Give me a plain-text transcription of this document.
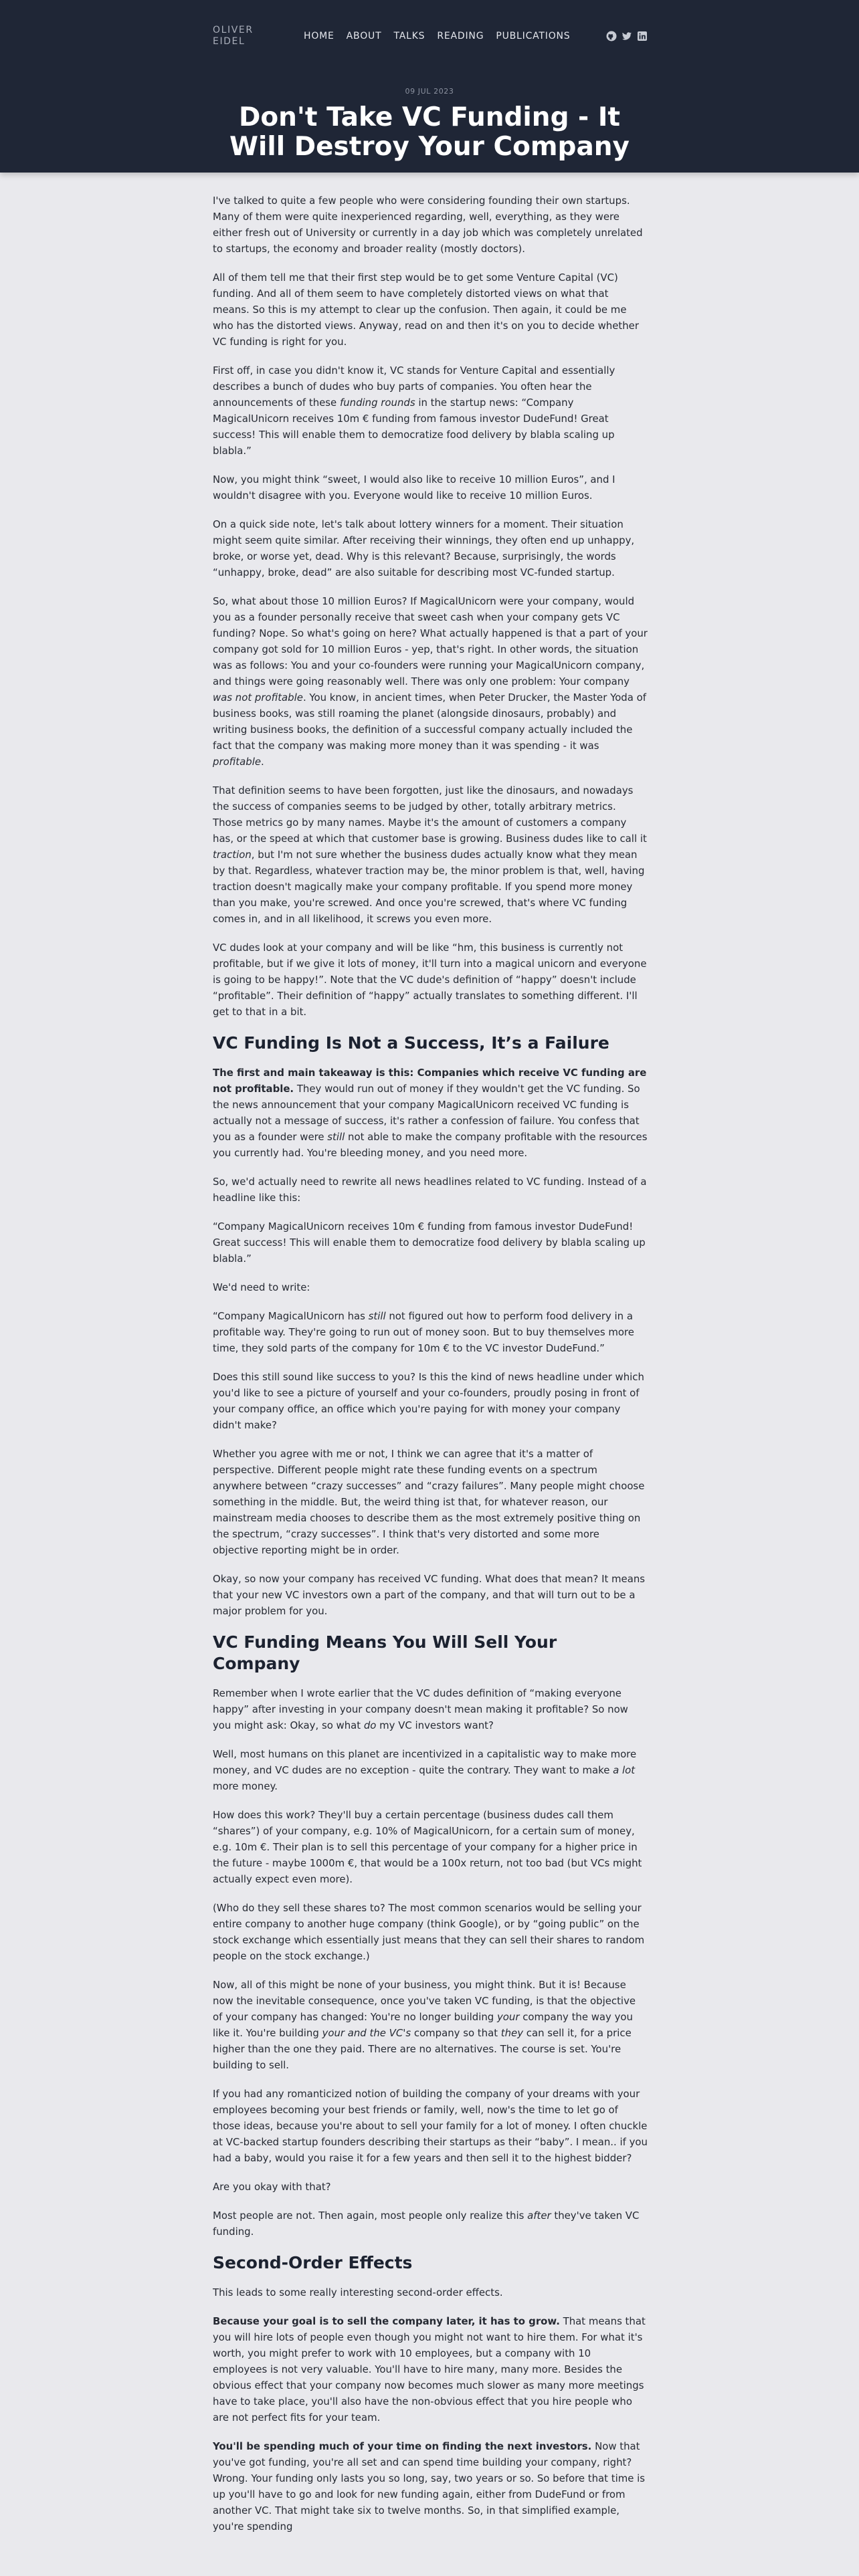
OLIVER
EIDEL	HOME ABOUT TALKS READING PUBLICATIONS
09 JUL 2023
Don't Take VC Funding - It Will Destroy Your Company

I've talked to quite a few people who were considering founding their own startups. Many of them were quite inexperienced regarding, well, everything, as they were either fresh out of University or currently in a day job which was completely unrelated to startups, the economy and broader reality (mostly doctors).

All of them tell me that their first step would be to get some Venture Capital (VC) funding. And all of them seem to have completely distorted views on what that means. So this is my attempt to clear up the confusion. Then again, it could be me who has the distorted views. Anyway, read on and then it's on you to decide whether VC funding is right for you.

First off, in case you didn't know it, VC stands for Venture Capital and essentially describes a bunch of dudes who buy parts of companies. You often hear the announcements of these funding rounds in the startup news: “Company MagicalUnicorn receives 10m € funding from famous investor DudeFund! Great success! This will enable them to democratize food delivery by blabla scaling up blabla.”

Now, you might think “sweet, I would also like to receive 10 million Euros”, and I wouldn't disagree with you. Everyone would like to receive 10 million Euros.

On a quick side note, let's talk about lottery winners for a moment. Their situation might seem quite similar. After receiving their winnings, they often end up unhappy, broke, or worse yet, dead. Why is this relevant? Because, surprisingly, the words “unhappy, broke, dead” are also suitable for describing most VC-funded startup.

So, what about those 10 million Euros? If MagicalUnicorn were your company, would you as a founder personally receive that sweet cash when your company gets VC funding? Nope. So what's going on here? What actually happened is that a part of your company got sold for 10 million Euros - yep, that's right. In other words, the situation was as follows: You and your co-founders were running your MagicalUnicorn company, and things were going reasonably well. There was only one problem: Your company was not profitable. You know, in ancient times, when Peter Drucker, the Master Yoda of business books, was still roaming the planet (alongside dinosaurs, probably) and writing business books, the definition of a successful company actually included the fact that the company was making more money than it was spending - it was profitable.

That definition seems to have been forgotten, just like the dinosaurs, and nowadays the success of companies seems to be judged by other, totally arbitrary metrics. Those metrics go by many names. Maybe it's the amount of customers a company has, or the speed at which that customer base is growing. Business dudes like to call it traction, but I'm not sure whether the business dudes actually know what they mean by that. Regardless, whatever traction may be, the minor problem is that, well, having traction doesn't magically make your company profitable. If you spend more money than you make, you're screwed. And once you're screwed, that's where VC funding comes in, and in all likelihood, it screws you even more.

VC dudes look at your company and will be like “hm, this business is currently not profitable, but if we give it lots of money, it'll turn into a magical unicorn and everyone is going to be happy!”. Note that the VC dude's definition of “happy” doesn't include “profitable”. Their definition of “happy” actually translates to something different. I'll get to that in a bit.

VC Funding Is Not a Success, It’s a Failure

The first and main takeaway is this: Companies which receive VC funding are not profitable. They would run out of money if they wouldn't get the VC funding. So the news announcement that your company MagicalUnicorn received VC funding is actually not a message of success, it's rather a confession of failure. You confess that you as a founder were still not able to make the company profitable with the resources you currently had. You're bleeding money, and you need more.

So, we'd actually need to rewrite all news headlines related to VC funding. Instead of a headline like this:

“Company MagicalUnicorn receives 10m € funding from famous investor DudeFund! Great success! This will enable them to democratize food delivery by blabla scaling up blabla.”

We'd need to write:

“Company MagicalUnicorn has still not figured out how to perform food delivery in a profitable way. They're going to run out of money soon. But to buy themselves more time, they sold parts of the company for 10m € to the VC investor DudeFund.”

Does this still sound like success to you? Is this the kind of news headline under which you'd like to see a picture of yourself and your co-founders, proudly posing in front of your company office, an office which you're paying for with money your company didn't make?

Whether you agree with me or not, I think we can agree that it's a matter of perspective. Different people might rate these funding events on a spectrum anywhere between “crazy successes” and “crazy failures”. Many people might choose something in the middle. But, the weird thing ist that, for whatever reason, our mainstream media chooses to describe them as the most extremely positive thing on the spectrum, “crazy successes”. I think that's very distorted and some more objective reporting might be in order.

Okay, so now your company has received VC funding. What does that mean? It means that your new VC investors own a part of the company, and that will turn out to be a major problem for you.

VC Funding Means You Will Sell Your Company

Remember when I wrote earlier that the VC dudes definition of “making everyone happy” after investing in your company doesn't mean making it profitable? So now you might ask: Okay, so what do my VC investors want?

Well, most humans on this planet are incentivized in a capitalistic way to make more money, and VC dudes are no exception - quite the contrary. They want to make a lot more money.

How does this work? They'll buy a certain percentage (business dudes call them “shares”) of your company, e.g. 10% of MagicalUnicorn, for a certain sum of money, e.g. 10m €. Their plan is to sell this percentage of your company for a higher price in the future - maybe 1000m €, that would be a 100x return, not too bad (but VCs might actually expect even more).

(Who do they sell these shares to? The most common scenarios would be selling your entire company to another huge company (think Google), or by “going public” on the stock exchange which essentially just means that they can sell their shares to random people on the stock exchange.)

Now, all of this might be none of your business, you might think. But it is! Because now the inevitable consequence, once you've taken VC funding, is that the objective of your company has changed: You're no longer building your company the way you like it. You're building your and the VC's company so that they can sell it, for a price higher than the one they paid. There are no alternatives. The course is set. You're building to sell.

If you had any romanticized notion of building the company of your dreams with your employees becoming your best friends or family, well, now's the time to let go of those ideas, because you're about to sell your family for a lot of money. I often chuckle at VC-backed startup founders describing their startups as their “baby”. I mean.. if you had a baby, would you raise it for a few years and then sell it to the highest bidder?

Are you okay with that?

Most people are not. Then again, most people only realize this after they've taken VC funding.

Second-Order Effects

This leads to some really interesting second-order effects.

Because your goal is to sell the company later, it has to grow. That means that you will hire lots of people even though you might not want to hire them. For what it's worth, you might prefer to work with 10 employees, but a company with 10 employees is not very valuable. You'll have to hire many, many more. Besides the obvious effect that your company now becomes much slower as many more meetings have to take place, you'll also have the non-obvious effect that you hire people who are not perfect fits for your team.

You'll be spending much of your time on finding the next investors. Now that you've got funding, you're all set and can spend time building your company, right? Wrong. Your funding only lasts you so long, say, two years or so. So before that time is up you'll have to go and look for new funding again, either from DudeFund or from another VC. That might take six to twelve months. So, in that simplified example, you're spending
